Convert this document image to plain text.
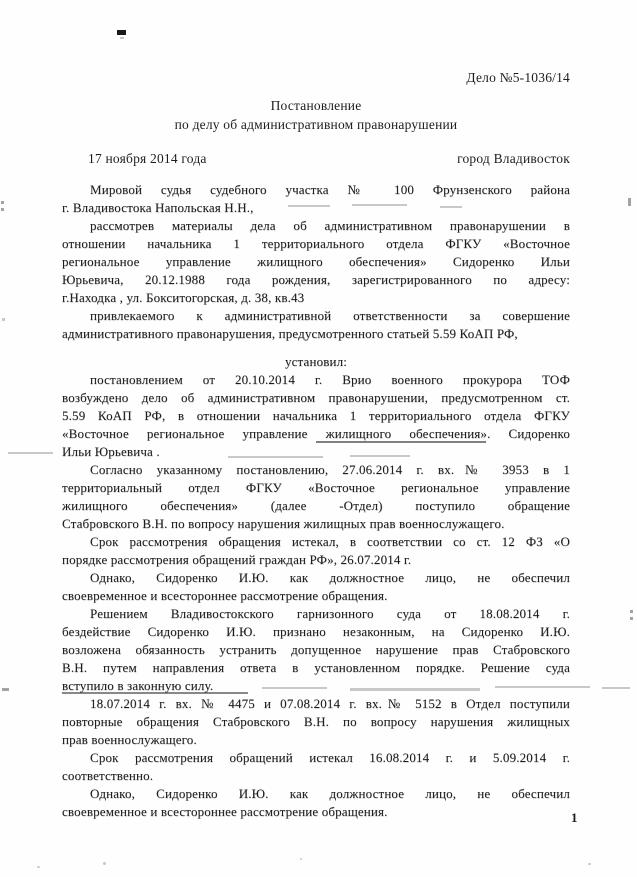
Дело №5-1036/14
Постановление
по делу об административном правонарушении
17 ноября 2014 года	город Владивосток
Мировой судья судебного участка № 100 Фрунзенского района
г. Владивостока Напольская Н.Н.,
рассмотрев материалы дела об административном правонарушении в
отношении начальника 1 территориального отдела ФГКУ «Восточное
региональное управление жилищного обеспечения» Сидоренко Ильи
Юрьевича, 20.12.1988 года рождения, зарегистрированного по адресу:
г.Находка , ул. Бокситогорская, д. 38, кв.43
привлекаемого к административной ответственности за совершение
административного правонарушения, предусмотренного статьей 5.59 КоАП РФ,
установил:
постановлением от 20.10.2014 г. Врио военного прокурора ТОФ
возбуждено дело об административном правонарушении, предусмотренном ст.
5.59 КоАП РФ, в отношении начальника 1 территориального отдела ФГКУ
«Восточное региональное управление жилищного обеспечения». Сидоренко
Ильи Юрьевича .
Согласно указанному постановлению, 27.06.2014 г. вх.№ 3953 в 1
территориальный отдел ФГКУ «Восточное региональное управление
жилищного обеспечения» (далее -Отдел) поступило обращение
Стабровского В.Н. по вопросу нарушения жилищных прав военнослужащего.
Срок рассмотрения обращения истекал, в соответствии со ст. 12 ФЗ «О
порядке рассмотрения обращений граждан РФ», 26.07.2014 г.
Однако, Сидоренко И.Ю. как должностное лицо, не обеспечил
своевременное и всестороннее рассмотрение обращения.
Решением Владивостокского гарнизонного суда от 18.08.2014 г.
бездействие Сидоренко И.Ю. признано незаконным, на Сидоренко И.Ю.
возложена обязанность устранить допущенное нарушение прав Стабровского
В.Н. путем направления ответа в установленном порядке. Решение суда
вступило в законную силу.
18.07.2014 г. вх. № 4475 и 07.08.2014 г. вх.№ 5152 в Отдел поступили
повторные обращения Стабровского В.Н. по вопросу нарушения жилищных
прав военнослужащего.
Срок рассмотрения обращений истекал 16.08.2014 г. и 5.09.2014 г.
соответственно.
Однако, Сидоренко И.Ю. как должностное лицо, не обеспечил
своевременное и всестороннее рассмотрение обращения.	1
